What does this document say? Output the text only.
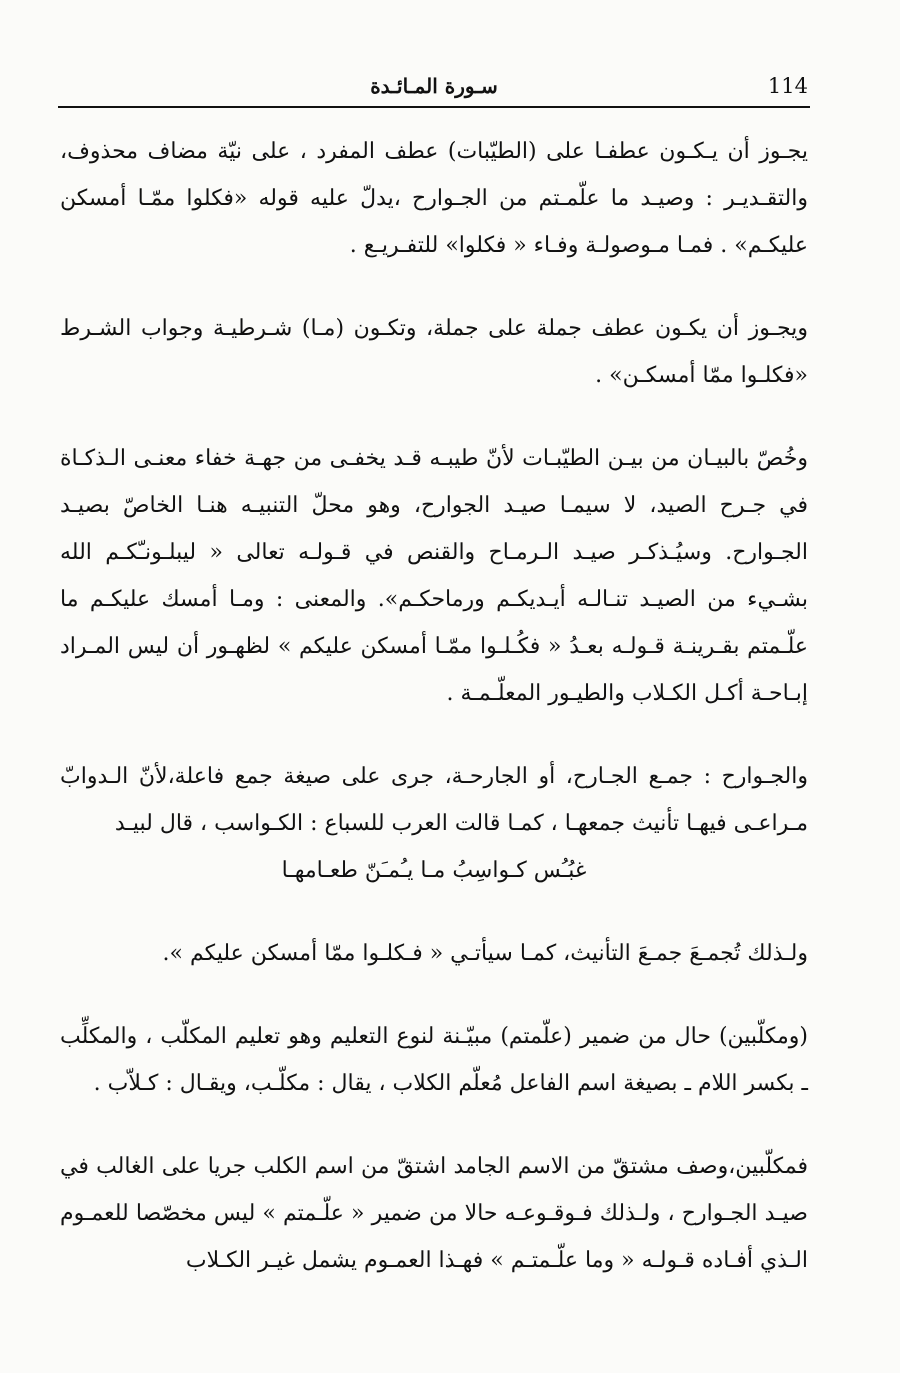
114
سـورة المـائـدة

يجـوز أن يـكـون عطفـا على (الطيّبات) عطف المفرد ، على نيّة مضاف محذوف، والتقـديـر : وصيـد ما علّمـتم من الجـوارح ،يدلّ عليه قوله «فكلوا ممّـا أمسكن عليكـم» . فمـا مـوصولـة وفـاء « فكلوا» للتفـريـع .

ويجـوز أن يكـون عطف جملة على جملة، وتكـون (مـا) شـرطيـة وجواب الشـرط «فكلـوا ممّا أمسكـن» .

وخُصّ بالبيـان من بيـن الطيّبـات لأنّ طيبـه قـد يخفـى من جهـة خفاء معنـى الـذكـاة في جـرح الصيد، لا سيمـا صيـد الجوارح، وهو محلّ التنبيـه هنـا الخاصّ بصيـد الجـوارح. وسيُـذكـر صيـد الـرمـاح والقنص في قـولـه تعالى « ليبلـونـّكـم الله بشـيء من الصيـد تنـالـه أيـديكـم ورماحكـم». والمعنى : ومـا أمسك عليكـم ما علّـمتم بقـرينـة قـولـه بعـدُ « فكُـلـوا ممّـا أمسكن عليكم » لظهـور أن ليس المـراد إبـاحـة أكـل الكـلاب والطيـور المعلّـمـة .

والجـوارح : جمـع الجـارح، أو الجارحـة، جرى على صيغة جمع فاعلة،لأنّ الـدوابّ مـراعـى فيهـا تأنيث جمعهـا ، كمـا قالت العرب للسباع : الكـواسب ، قال لبيـد

غبُـُس كـواسِبُ مـا يـُمـَنّ طعـامهـا

ولـذلك تُجمـعَ جمـعَ التأنيث، كمـا سيأتـي « فـكلـوا ممّا أمسكن عليكم ».

(ومكلّبين) حال من ضمير (علّمتم) مبيّـنة لنوع التعليم وهو تعليم المكلّب ، والمكلِّب ـ بكسر اللام ـ بصيغة اسم الفاعل مُعلّم الكلاب ، يقال : مكلّـب، ويقـال : كـلاّب .

فمكلّبين،وصف مشتقّ من الاسم الجامد اشتقّ من اسم الكلب جريا على الغالب في صيـد الجـوارح ، ولـذلك فـوقـوعـه حالا من ضمير « علّـمتم » ليس مخصّصا للعمـوم الـذي أفـاده قـولـه « وما علّـمتـم » فهـذا العمـوم يشمل غيـر الكـلاب
